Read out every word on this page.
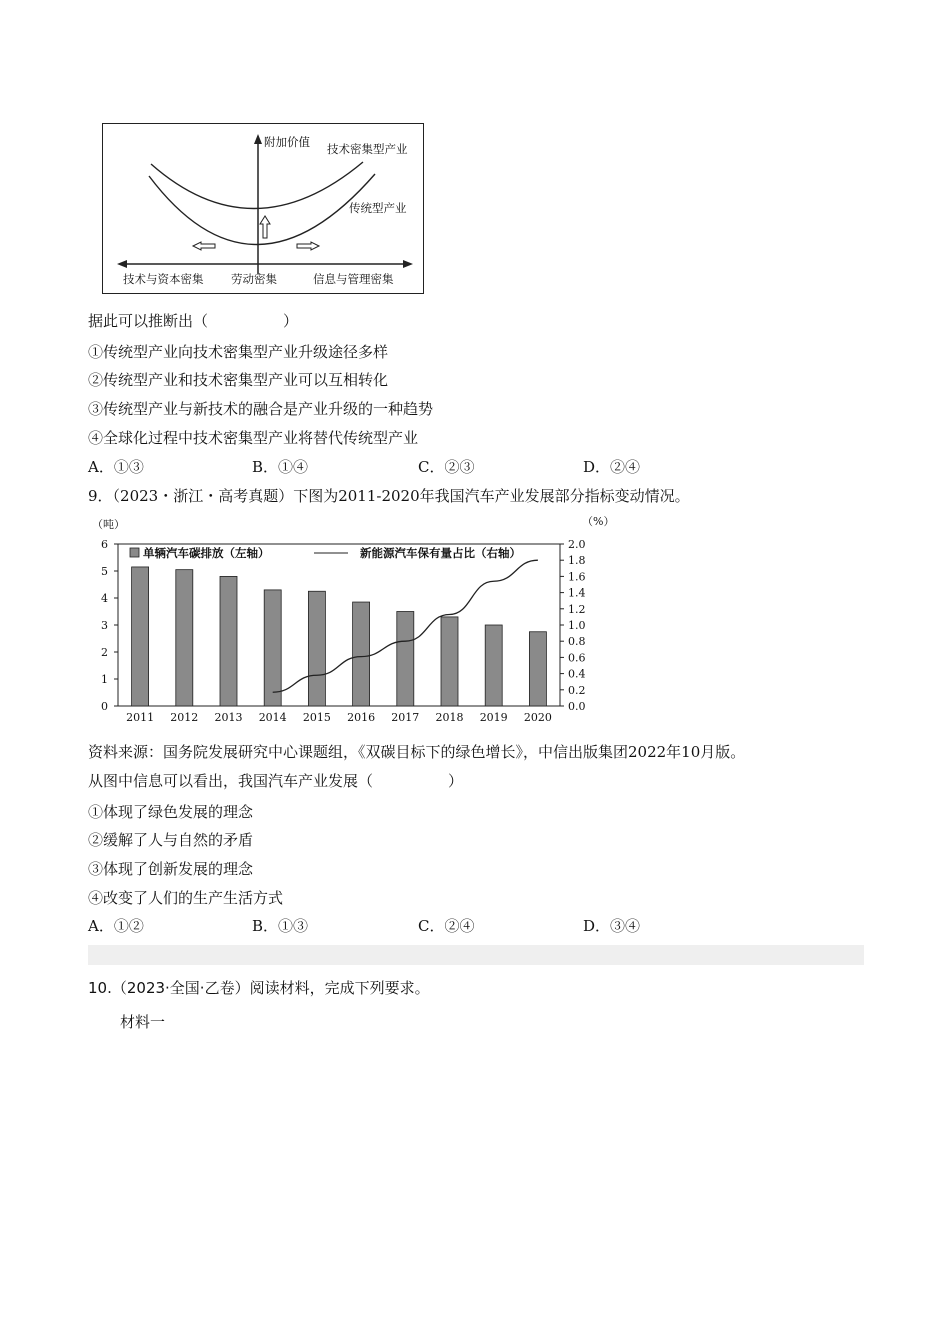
附加价值 技术密集型产业
传统型产业
技术与资本密集 劳动密集	信息与管理密集
据此可以推断出（　　　　　）
①传统型产业向技术密集型产业升级途径多样
②传统型产业和技术密集型产业可以互相转化
③传统型产业与新技术的融合是产业升级的一种趋势
④全球化过程中技术密集型产业将替代传统型产业
A．①③	B．①④	C．②③	D．②④
9．（2023・浙江・高考真题）下图为2011-2020年我国汽车产业发展部分指标变动情况。
0
1
2
3
4
5
6
0.0
0.2
0.4
0.6
0.8
1.0
1.2
1.4
1.6
1.8
2.0
（吨）	（%）
2011 2012 2013 2014 2015 2016 2017 2018 2019 2020
单辆汽车碳排放（左轴）	新能源汽车保有量占比（右轴）
资料来源：国务院发展研究中心课题组，《双碳目标下的绿色增长》，中信出版集团2022年10月版。
从图中信息可以看出，我国汽车产业发展（　　　　　）
①体现了绿色发展的理念
②缓解了人与自然的矛盾
③体现了创新发展的理念
④改变了人们的生产生活方式
A．①②	B．①③	C．②④	D．③④
10.（2023·全国·乙卷）阅读材料，完成下列要求。
材料一
